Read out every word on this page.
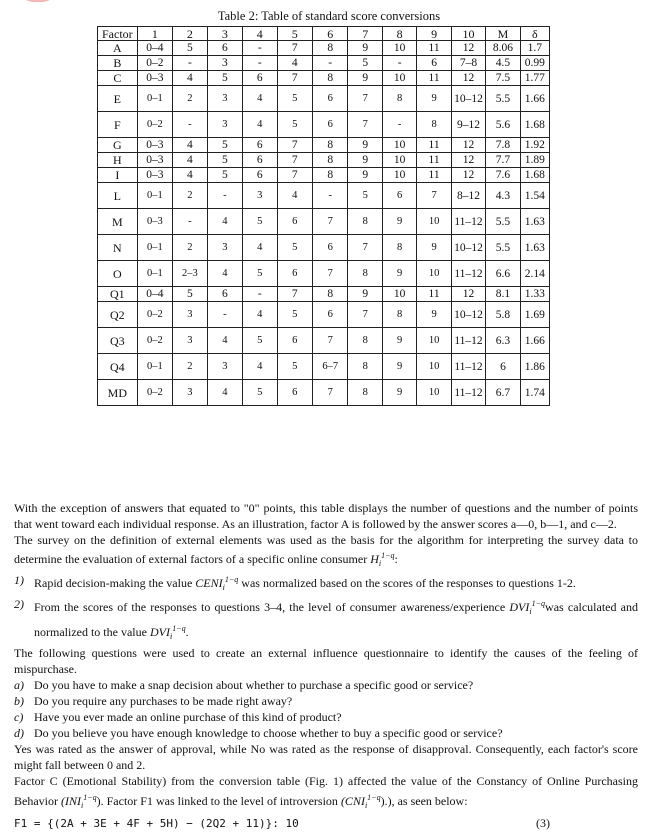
Table 2: Table of standard score conversions
Factor	1	2	3	4	5	6	7	8	9	10	M	δ
A	0–4	5	6	-	7	8	9	10	11	12	8.06	1.7
B	0–2	-	3	-	4	-	5	-	6	7–8	4.5	0.99
C	0–3	4	5	6	7	8	9	10	11	12	7.5	1.77
E	0–1	2	3	4	5	6	7	8	9	10–12	5.5	1.66
F	0–2	-	3	4	5	6	7	-	8	9–12	5.6	1.68
G	0–3	4	5	6	7	8	9	10	11	12	7.8	1.92
H	0–3	4	5	6	7	8	9	10	11	12	7.7	1.89
I	0–3	4	5	6	7	8	9	10	11	12	7.6	1.68
L	0–1	2	-	3	4	-	5	6	7	8–12	4.3	1.54
M	0–3	-	4	5	6	7	8	9	10	11–12	5.5	1.63
N	0–1	2	3	4	5	6	7	8	9	10–12	5.5	1.63
O	0–1	2–3	4	5	6	7	8	9	10	11–12	6.6	2.14
Q1	0–4	5	6	-	7	8	9	10	11	12	8.1	1.33
Q2	0–2	3	-	4	5	6	7	8	9	10–12	5.8	1.69
Q3	0–2	3	4	5	6	7	8	9	10	11–12	6.3	1.66
Q4	0–1	2	3	4	5	6–7	8	9	10	11–12	6	1.86
MD	0–2	3	4	5	6	7	8	9	10	11–12	6.7	1.74

With the exception of answers that equated to "0" points, this table displays the number of questions and the number of points that went toward each individual response. As an illustration, factor A is followed by the answer scores a—0, b—1, and c—2.

The survey on the definition of external elements was used as the basis for the algorithm for interpreting the survey data to determine the evaluation of external factors of a specific online consumer $H_i^{1-q}$:

1) Rapid decision-making the value $CENI_i^{1-q}$ was normalized based on the scores of the responses to questions 1-2.
2) From the scores of the responses to questions 3–4, the level of consumer awareness/experience $DVI_i^{1-q}was$ calculated and normalized to the value $DVI_i^{1-q}$.

The following questions were used to create an external influence questionnaire to identify the causes of the feeling of mispurchase.

a) Do you have to make a snap decision about whether to purchase a specific good or service?
b) Do you require any purchases to be made right away?
c) Have you ever made an online purchase of this kind of product?
d) Do you believe you have enough knowledge to choose whether to buy a specific good or service?

Yes was rated as the answer of approval, while No was rated as the response of disapproval. Consequently, each factor's score might fall between 0 and 2.

Factor C (Emotional Stability) from the conversion table (Fig. 1) affected the value of the Constancy of Online Purchasing Behavior $(INI_i^{1-q})$. Factor F1 was linked to the level of introversion $(CNI_i^{1-q})$.), as seen below:

F1 = {(2A + 3E + 4F + 5H) − (2Q2 + 11)}: 10	(3)
